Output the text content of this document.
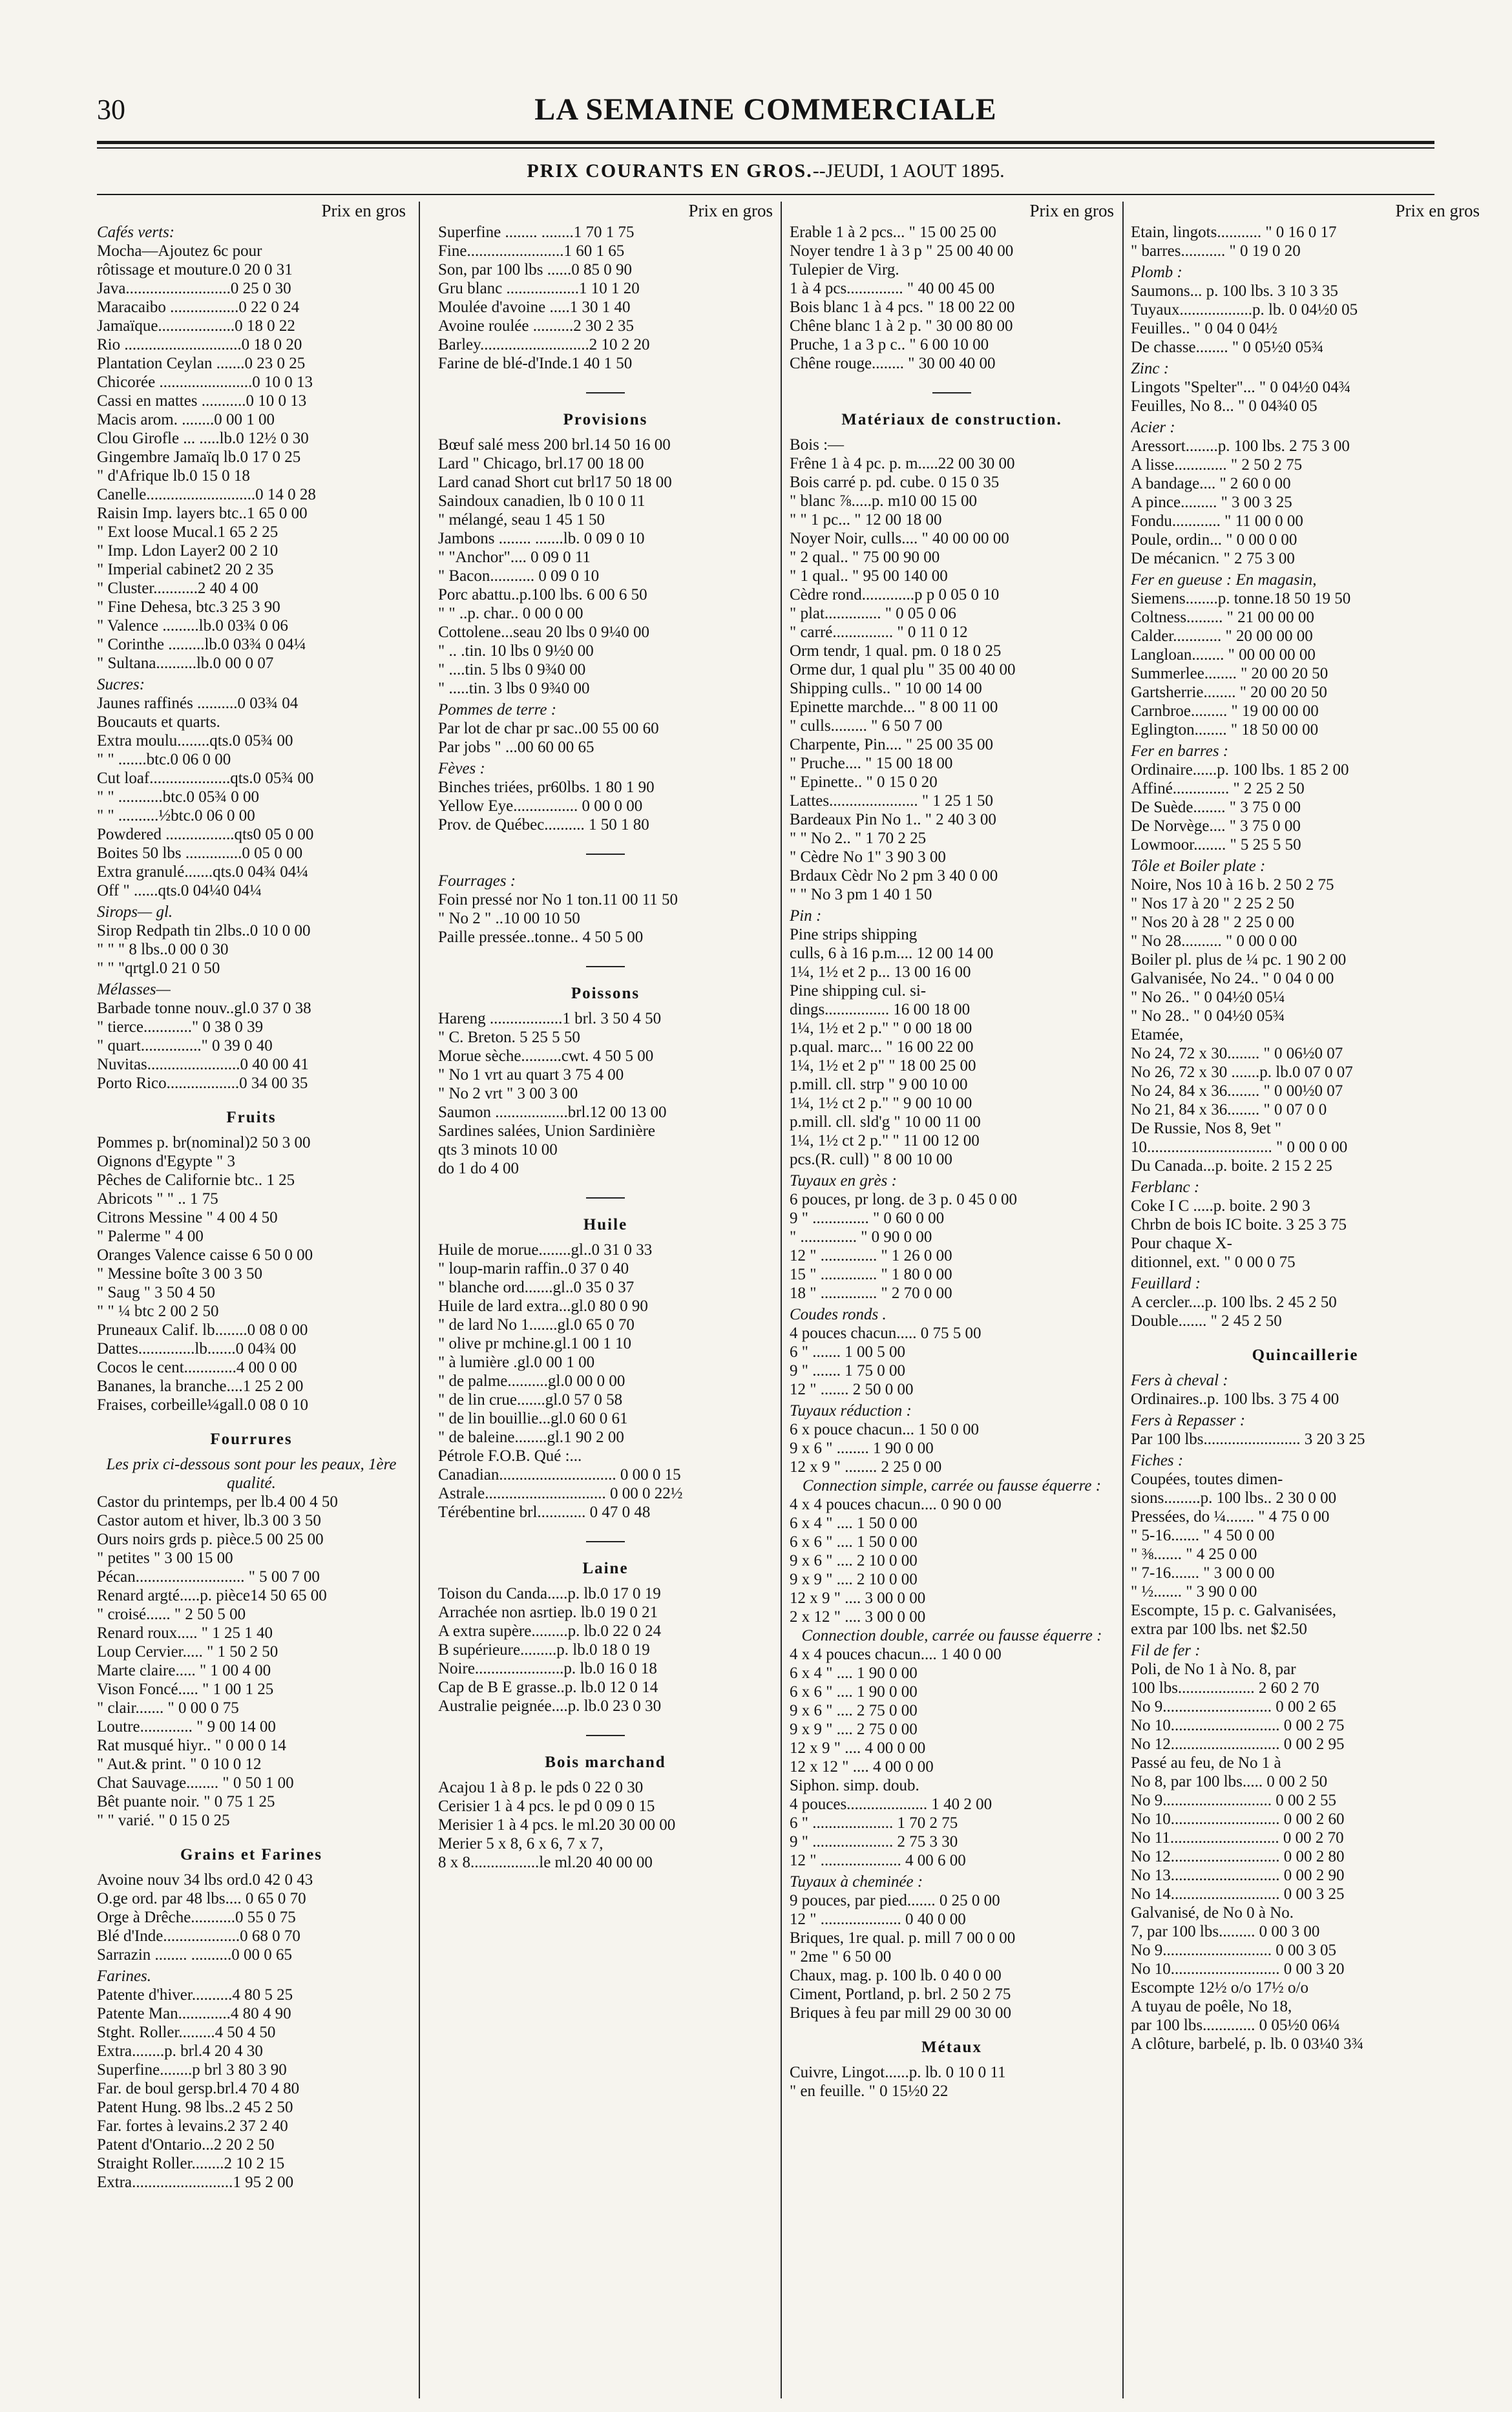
30	LA SEMAINE COMMERCIALE
PRIX COURANTS EN GROS.--JEUDI, 1 AOUT 1895.
Prix en gros
Cafés verts:
Mocha—Ajoutez 6c pour
rôtissage et mouture.0 20 0 31
Java..........................0 25 0 30
Maracaibo .................0 22 0 24
Jamaïque...................0 18 0 22
Rio .............................0 18 0 20
Plantation Ceylan .......0 23 0 25
Chicorée .......................0 10 0 13
Cassi en mattes ...........0 10 0 13
Macis arom. ........0 00 1 00
Clou Girofle ... .....lb.0 12½ 0 30
Gingembre Jamaïq lb.0 17 0 25
" d'Afrique lb.0 15 0 18
Canelle...........................0 14 0 28
Raisin Imp. layers btc..1 65 0 00
" Ext loose Mucal.1 65 2 25
" Imp. Ldon Layer2 00 2 10
" Imperial cabinet2 20 2 35
" Cluster...........2 40 4 00
" Fine Dehesa, btc.3 25 3 90
" Valence .........lb.0 03¾ 0 06
" Corinthe .........lb.0 03¾ 0 04¼
" Sultana..........lb.0 00 0 07
Sucres:
Jaunes raffinés ..........0 03¾ 04
Boucauts et quarts.
Extra moulu........qts.0 05¾ 00
" " .......btc.0 06 0 00
Cut loaf....................qts.0 05¾ 00
" " ...........btc.0 05¾ 0 00
" " ..........½btc.0 06 0 00
Powdered .................qts0 05 0 00
Boites 50 lbs ..............0 05 0 00
Extra granulé.......qts.0 04¾ 04¼
Off " ......qts.0 04¼0 04¼
Sirops— gl.
Sirop Redpath tin 2lbs..0 10 0 00
" " " 8 lbs..0 00 0 30
" " "qrtgl.0 21 0 50
Mélasses—
Barbade tonne nouv..gl.0 37 0 38
" tierce............" 0 38 0 39
" quart..............." 0 39 0 40
Nuvitas.......................0 40 00 41
Porto Rico..................0 34 00 35
Fruits
Pommes p. br(nominal)2 50 3 00
Oignons d'Egypte " 3
Pêches de Californie btc.. 1 25
Abricots " " .. 1 75
Citrons Messine " 4 00 4 50
" Palerme " 4 00
Oranges Valence caisse 6 50 0 00
" Messine boîte 3 00 3 50
" Saug " 3 50 4 50
" " ¼ btc 2 00 2 50
Pruneaux Calif. lb........0 08 0 00
Dattes..............lb.......0 04¾ 00
Cocos le cent.............4 00 0 00
Bananes, la branche....1 25 2 00
Fraises, corbeille¼gall.0 08 0 10
Fourrures
Les prix ci-dessous sont pour les peaux, 1ère qualité.
Castor du printemps, per lb.4 00 4 50
Castor autom et hiver, lb.3 00 3 50
Ours noirs grds p. pièce.5 00 25 00
" petites " 3 00 15 00
Pécan........................... " 5 00 7 00
Renard argté.....p. pièce14 50 65 00
" croisé...... " 2 50 5 00
Renard roux..... " 1 25 1 40
Loup Cervier..... " 1 50 2 50
Marte claire..... " 1 00 4 00
Vison Foncé..... " 1 00 1 25
" clair....... " 0 00 0 75
Loutre............. " 9 00 14 00
Rat musqué hiyr.. " 0 00 0 14
" Aut.& print. " 0 10 0 12
Chat Sauvage........ " 0 50 1 00
Bêt puante noir. " 0 75 1 25
" " varié. " 0 15 0 25
Grains et Farines
Avoine nouv 34 lbs ord.0 42 0 43
O.ge ord. par 48 lbs.... 0 65 0 70
Orge à Drêche...........0 55 0 75
Blé d'Inde...................0 68 0 70
Sarrazin ........ ..........0 00 0 65
Farines.
Patente d'hiver..........4 80 5 25
Patente Man.............4 80 4 90
Stght. Roller.........4 50 4 50
Extra........p. brl.4 20 4 30
Superfine........p brl 3 80 3 90
Far. de boul gersp.brl.4 70 4 80
Patent Hung. 98 lbs..2 45 2 50
Far. fortes à levains.2 37 2 40
Patent d'Ontario...2 20 2 50
Straight Roller........2 10 2 15
Extra.........................1 95 2 00
Prix en gros
Superfine ........ ........1 70 1 75
Fine........................1 60 1 65
Son, par 100 lbs ......0 85 0 90
Gru blanc ..................1 10 1 20
Moulée d'avoine .....1 30 1 40
Avoine roulée ..........2 30 2 35
Barley...........................2 10 2 20
Farine de blé-d'Inde.1 40 1 50
Provisions
Bœuf salé mess 200 brl.14 50 16 00
Lard " Chicago, brl.17 00 18 00
Lard canad Short cut brl17 50 18 00
Saindoux canadien, lb 0 10 0 11
" mélangé, seau 1 45 1 50
Jambons ........ .......lb. 0 09 0 10
" "Anchor".... 0 09 0 11
" Bacon........... 0 09 0 10
Porc abattu..p.100 lbs. 6 00 6 50
" " ..p. char.. 0 00 0 00
Cottolene...seau 20 lbs 0 9¼0 00
" .. .tin. 10 lbs 0 9½0 00
" ....tin. 5 lbs 0 9¾0 00
" .....tin. 3 lbs 0 9¾0 00
Pommes de terre :
Par lot de char pr sac..00 55 00 60
Par jobs " ...00 60 00 65
Fèves :
Binches triées, pr60lbs. 1 80 1 90
Yellow Eye................ 0 00 0 00
Prov. de Québec.......... 1 50 1 80
Fourrages :
Foin pressé nor No 1 ton.11 00 11 50
" No 2 " ..10 00 10 50
Paille pressée..tonne.. 4 50 5 00
Poissons
Hareng ..................1 brl. 3 50 4 50
" C. Breton. 5 25 5 50
Morue sèche..........cwt. 4 50 5 00
" No 1 vrt au quart 3 75 4 00
" No 2 vrt " 3 00 3 00
Saumon ..................brl.12 00 13 00
Sardines salées, Union Sardinière
qts 3 minots 10 00
do 1 do 4 00
Huile
Huile de morue........gl..0 31 0 33
" loup-marin raffin..0 37 0 40
" blanche ord.......gl..0 35 0 37
Huile de lard extra...gl.0 80 0 90
" de lard No 1.......gl.0 65 0 70
" olive pr mchine.gl.1 00 1 10
" à lumière .gl.0 00 1 00
" de palme..........gl.0 00 0 00
" de lin crue.......gl.0 57 0 58
" de lin bouillie...gl.0 60 0 61
" de baleine........gl.1 90 2 00
Pétrole F.O.B. Qué :...
Canadian............................. 0 00 0 15
Astrale.............................. 0 00 0 22½
Térébentine brl............ 0 47 0 48
Laine
Toison du Canda.....p. lb.0 17 0 19
Arrachée non asrtiep. lb.0 19 0 21
A extra supère.........p. lb.0 22 0 24
B supérieure.........p. lb.0 18 0 19
Noire......................p. lb.0 16 0 18
Cap de B E grasse..p. lb.0 12 0 14
Australie peignée....p. lb.0 23 0 30
Bois marchand
Acajou 1 à 8 p. le pds 0 22 0 30
Cerisier 1 à 4 pcs. le pd 0 09 0 15
Merisier 1 à 4 pcs. le ml.20 30 00 00
Merier 5 x 8, 6 x 6, 7 x 7,
8 x 8.................le ml.20 40 00 00
Prix en gros
Erable 1 à 2 pcs... " 15 00 25 00
Noyer tendre 1 à 3 p " 25 00 40 00
Tulepier de Virg.
1 à 4 pcs.............. " 40 00 45 00
Bois blanc 1 à 4 pcs. " 18 00 22 00
Chêne blanc 1 à 2 p. " 30 00 80 00
Pruche, 1 a 3 p c.. " 6 00 10 00
Chêne rouge........ " 30 00 40 00
Matériaux de construction.
Bois :—
Frêne 1 à 4 pc. p. m.....22 00 30 00
Bois carré p. pd. cube. 0 15 0 35
" blanc ⅞.....p. m10 00 15 00
" " 1 pc... " 12 00 18 00
Noyer Noir, culls.... " 40 00 00 00
" 2 qual.. " 75 00 90 00
" 1 qual.. " 95 00 140 00
Cèdre rond.............p p 0 05 0 10
" plat.............. " 0 05 0 06
" carré............... " 0 11 0 12
Orm tendr, 1 qual. pm. 0 18 0 25
Orme dur, 1 qual plu " 35 00 40 00
Shipping culls.. " 10 00 14 00
Epinette marchde... " 8 00 11 00
" culls......... " 6 50 7 00
Charpente, Pin.... " 25 00 35 00
" Pruche.... " 15 00 18 00
" Epinette.. " 0 15 0 20
Lattes...................... " 1 25 1 50
Bardeaux Pin No 1.. " 2 40 3 00
" " No 2.. " 1 70 2 25
" Cèdre No 1" 3 90 3 00
Brdaux Cèdr No 2 pm 3 40 0 00
" " No 3 pm 1 40 1 50
Pin :
Pine strips shipping
culls, 6 à 16 p.m.... 12 00 14 00
1¼, 1½ et 2 p... 13 00 16 00
Pine shipping cul. si-
dings................ 16 00 18 00
1¼, 1½ et 2 p." " 0 00 18 00
p.qual. marc... " 16 00 22 00
1¼, 1½ et 2 p" " 18 00 25 00
p.mill. cll. strp " 9 00 10 00
1¼, 1½ ct 2 p." " 9 00 10 00
p.mill. cll. sld'g " 10 00 11 00
1¼, 1½ ct 2 p." " 11 00 12 00
pcs.(R. cull) " 8 00 10 00
Tuyaux en grès :
6 pouces, pr long. de 3 p. 0 45 0 00
9 " .............. " 0 60 0 00
" .............. " 0 90 0 00
12 " .............. " 1 26 0 00
15 " .............. " 1 80 0 00
18 " .............. " 2 70 0 00
Coudes ronds .
4 pouces chacun..... 0 75 5 00
6 " ....... 1 00 5 00
9 " ....... 1 75 0 00
12 " ....... 2 50 0 00
Tuyaux réduction :
6 x pouce chacun... 1 50 0 00
9 x 6 " ........ 1 90 0 00
12 x 9 " ........ 2 25 0 00
Connection simple, carrée ou fausse équerre :
4 x 4 pouces chacun.... 0 90 0 00
6 x 4 " .... 1 50 0 00
6 x 6 " .... 1 50 0 00
9 x 6 " .... 2 10 0 00
9 x 9 " .... 2 10 0 00
12 x 9 " .... 3 00 0 00
2 x 12 " .... 3 00 0 00
Connection double, carrée ou fausse équerre :
4 x 4 pouces chacun.... 1 40 0 00
6 x 4 " .... 1 90 0 00
6 x 6 " .... 1 90 0 00
9 x 6 " .... 2 75 0 00
9 x 9 " .... 2 75 0 00
12 x 9 " .... 4 00 0 00
12 x 12 " .... 4 00 0 00
Siphon. simp. doub.
4 pouces.................... 1 40 2 00
6 " .................... 1 70 2 75
9 " .................... 2 75 3 30
12 " .................... 4 00 6 00
Tuyaux à cheminée :
9 pouces, par pied....... 0 25 0 00
12 " .................... 0 40 0 00
Briques, 1re qual. p. mill 7 00 0 00
" 2me " 6 50 00
Chaux, mag. p. 100 lb. 0 40 0 00
Ciment, Portland, p. brl. 2 50 2 75
Briques à feu par mill 29 00 30 00
Métaux
Cuivre, Lingot......p. lb. 0 10 0 11
" en feuille. " 0 15½0 22
Prix en gros
Etain, lingots........... " 0 16 0 17
" barres........... " 0 19 0 20
Plomb :
Saumons... p. 100 lbs. 3 10 3 35
Tuyaux..................p. lb. 0 04½0 05
Feuilles.. " 0 04 0 04½
De chasse........ " 0 05½0 05¾
Zinc :
Lingots "Spelter"... " 0 04½0 04¾
Feuilles, No 8... " 0 04¾0 05
Acier :
Aressort........p. 100 lbs. 2 75 3 00
A lisse............. " 2 50 2 75
A bandage.... " 2 60 0 00
A pince......... " 3 00 3 25
Fondu............ " 11 00 0 00
Poule, ordin... " 0 00 0 00
De mécanicn. " 2 75 3 00
Fer en gueuse : En magasin,
Siemens........p. tonne.18 50 19 50
Coltness......... " 21 00 00 00
Calder............ " 20 00 00 00
Langloan........ " 00 00 00 00
Summerlee........ " 20 00 20 50
Gartsherrie........ " 20 00 20 50
Carnbroe......... " 19 00 00 00
Eglington........ " 18 50 00 00
Fer en barres :
Ordinaire......p. 100 lbs. 1 85 2 00
Affiné.............. " 2 25 2 50
De Suède........ " 3 75 0 00
De Norvège.... " 3 75 0 00
Lowmoor........ " 5 25 5 50
Tôle et Boiler plate :
Noire, Nos 10 à 16 b. 2 50 2 75
" Nos 17 à 20 " 2 25 2 50
" Nos 20 à 28 " 2 25 0 00
" No 28.......... " 0 00 0 00
Boiler pl. plus de ¼ pc. 1 90 2 00
Galvanisée, No 24.. " 0 04 0 00
" No 26.. " 0 04½0 05¼
" No 28.. " 0 04½0 05¾
Etamée,
No 24, 72 x 30........ " 0 06½0 07
No 26, 72 x 30 .......p. lb.0 07 0 07
No 24, 84 x 36........ " 0 00½0 07
No 21, 84 x 36........ " 0 07 0 0
De Russie, Nos 8, 9et "
10............................... " 0 00 0 00
Du Canada...p. boite. 2 15 2 25
Ferblanc :
Coke I C .....p. boite. 2 90 3
Chrbn de bois IC boite. 3 25 3 75
Pour chaque X-
ditionnel, ext. " 0 00 0 75
Feuillard :
A cercler....p. 100 lbs. 2 45 2 50
Double....... " 2 45 2 50
Quincaillerie
Fers à cheval :
Ordinaires..p. 100 lbs. 3 75 4 00
Fers à Repasser :
Par 100 lbs........................ 3 20 3 25
Fiches :
Coupées, toutes dimen-
sions.........p. 100 lbs.. 2 30 0 00
Pressées, do ¼....... " 4 75 0 00
" 5-16....... " 4 50 0 00
" ⅜....... " 4 25 0 00
" 7-16....... " 3 00 0 00
" ½....... " 3 90 0 00
Escompte, 15 p. c. Galvanisées,
extra par 100 lbs. net $2.50
Fil de fer :
Poli, de No 1 à No. 8, par
100 lbs................... 2 60 2 70
No 9........................... 0 00 2 65
No 10........................... 0 00 2 75
No 12........................... 0 00 2 95
Passé au feu, de No 1 à
No 8, par 100 lbs..... 0 00 2 50
No 9........................... 0 00 2 55
No 10........................... 0 00 2 60
No 11........................... 0 00 2 70
No 12........................... 0 00 2 80
No 13........................... 0 00 2 90
No 14........................... 0 00 3 25
Galvanisé, de No 0 à No.
7, par 100 lbs......... 0 00 3 00
No 9........................... 0 00 3 05
No 10........................... 0 00 3 20
Escompte 12½ o/o 17½ o/o
A tuyau de poêle, No 18,
par 100 lbs............. 0 05½0 06¼
A clôture, barbelé, p. lb. 0 03¼0 3¾
